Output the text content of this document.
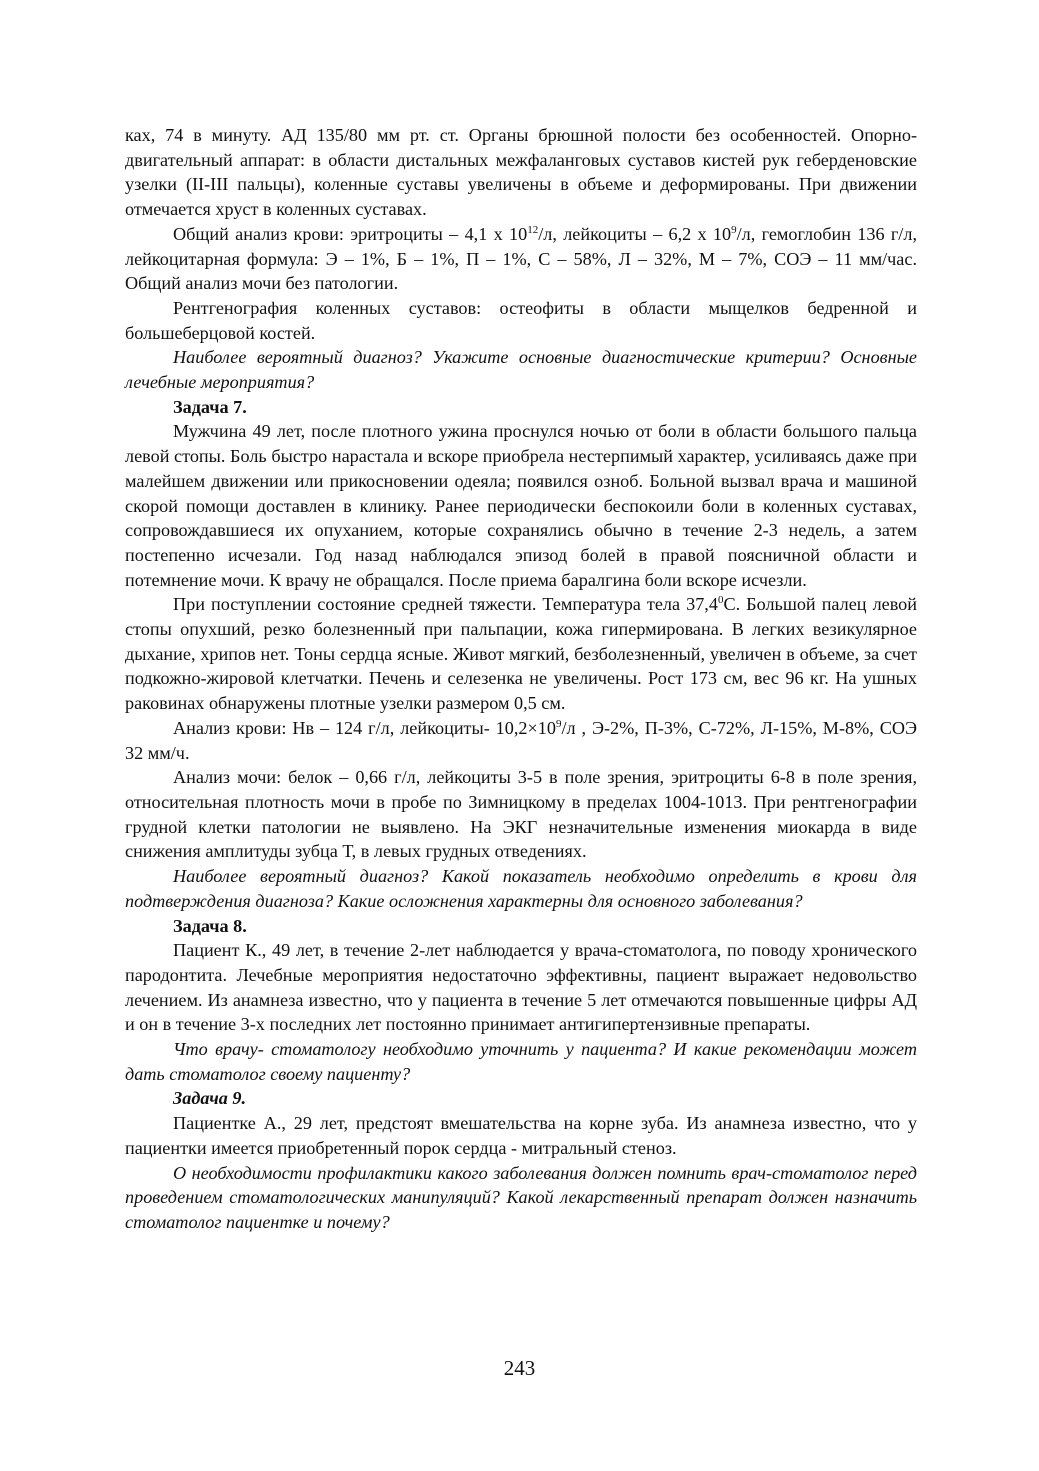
ках, 74 в минуту. АД 135/80 мм рт. ст. Органы брюшной полости без особенностей. Опорно-двигательный аппарат: в области дистальных межфаланговых суставов кистей рук геберденовские узелки (II-III пальцы), коленные суставы увеличены в объеме и деформированы. При движении отмечается хруст в коленных суставах.

Общий анализ крови: эритроциты – 4,1 х $10^{12}/л$, лейкоциты – 6,2 х $10^9/л$, гемоглобин 136 г/л, лейкоцитарная формула: Э – 1%, Б – 1%, П – 1%, С – 58%, Л – 32%, М – 7%, СОЭ – 11 мм/час. Общий анализ мочи без патологии.

Рентгенография коленных суставов: остеофиты в области мыщелков бедренной и большеберцовой костей.

Наиболее вероятный диагноз? Укажите основные диагностические критерии? Основные лечебные мероприятия?

Задача 7.

Мужчина 49 лет, после плотного ужина проснулся ночью от боли в области большого пальца левой стопы. Боль быстро нарастала и вскоре приобрела нестерпимый характер, усиливаясь даже при малейшем движении или прикосновении одеяла; появился озноб. Больной вызвал врача и машиной скорой помощи доставлен в клинику. Ранее периодически беспокоили боли в коленных суставах, сопровождавшиеся их опуханием, которые сохранялись обычно в течение 2-3 недель, а затем постепенно исчезали. Год назад наблюдался эпизод болей в правой поясничной области и потемнение мочи. К врачу не обращался. После приема баралгина боли вскоре исчезли.

При поступлении состояние средней тяжести. Температура тела 37,4$^0$С. Большой палец левой стопы опухший, резко болезненный при пальпации, кожа гипермирована. В легких везикулярное дыхание, хрипов нет. Тоны сердца ясные. Живот мягкий, безболезненный, увеличен в объеме, за счет подкожно-жировой клетчатки. Печень и селезенка не увеличены. Рост 173 см, вес 96 кг. На ушных раковинах обнаружены плотные узелки размером 0,5 см.

Анализ крови: Нв – 124 г/л, лейкоциты- $10,2\times 10^9/л$ , Э-2%, П-3%, С-72%, Л-15%, М-8%, СОЭ 32 мм/ч.

Анализ мочи: белок – 0,66 г/л, лейкоциты 3-5 в поле зрения, эритроциты 6-8 в поле зрения, относительная плотность мочи в пробе по Зимницкому в пределах 1004-1013. При рентгенографии грудной клетки патологии не выявлено. На ЭКГ незначительные изменения миокарда в виде снижения амплитуды зубца Т, в левых грудных отведениях.

Наиболее вероятный диагноз? Какой показатель необходимо определить в крови для подтверждения диагноза? Какие осложнения характерны для основного заболевания?

Задача 8.

Пациент К., 49 лет, в течение 2-лет наблюдается у врача-стоматолога, по поводу хронического пародонтита. Лечебные мероприятия недостаточно эффективны, пациент выражает недовольство лечением. Из анамнеза известно, что у пациента в течение 5 лет отмечаются повышенные цифры АД и он в течение 3-х последних лет постоянно принимает антигипертензивные препараты.

Что врачу- стоматологу необходимо уточнить у пациента? И какие рекомендации может дать стоматолог своему пациенту?

Задача 9.

Пациентке А., 29 лет, предстоят вмешательства на корне зуба. Из анамнеза известно, что у пациентки имеется приобретенный порок сердца - митральный стеноз.

О необходимости профилактики какого заболевания должен помнить врач-стоматолог перед проведением стоматологических манипуляций? Какой лекарственный препарат должен назначить стоматолог пациентке и почему?

243
